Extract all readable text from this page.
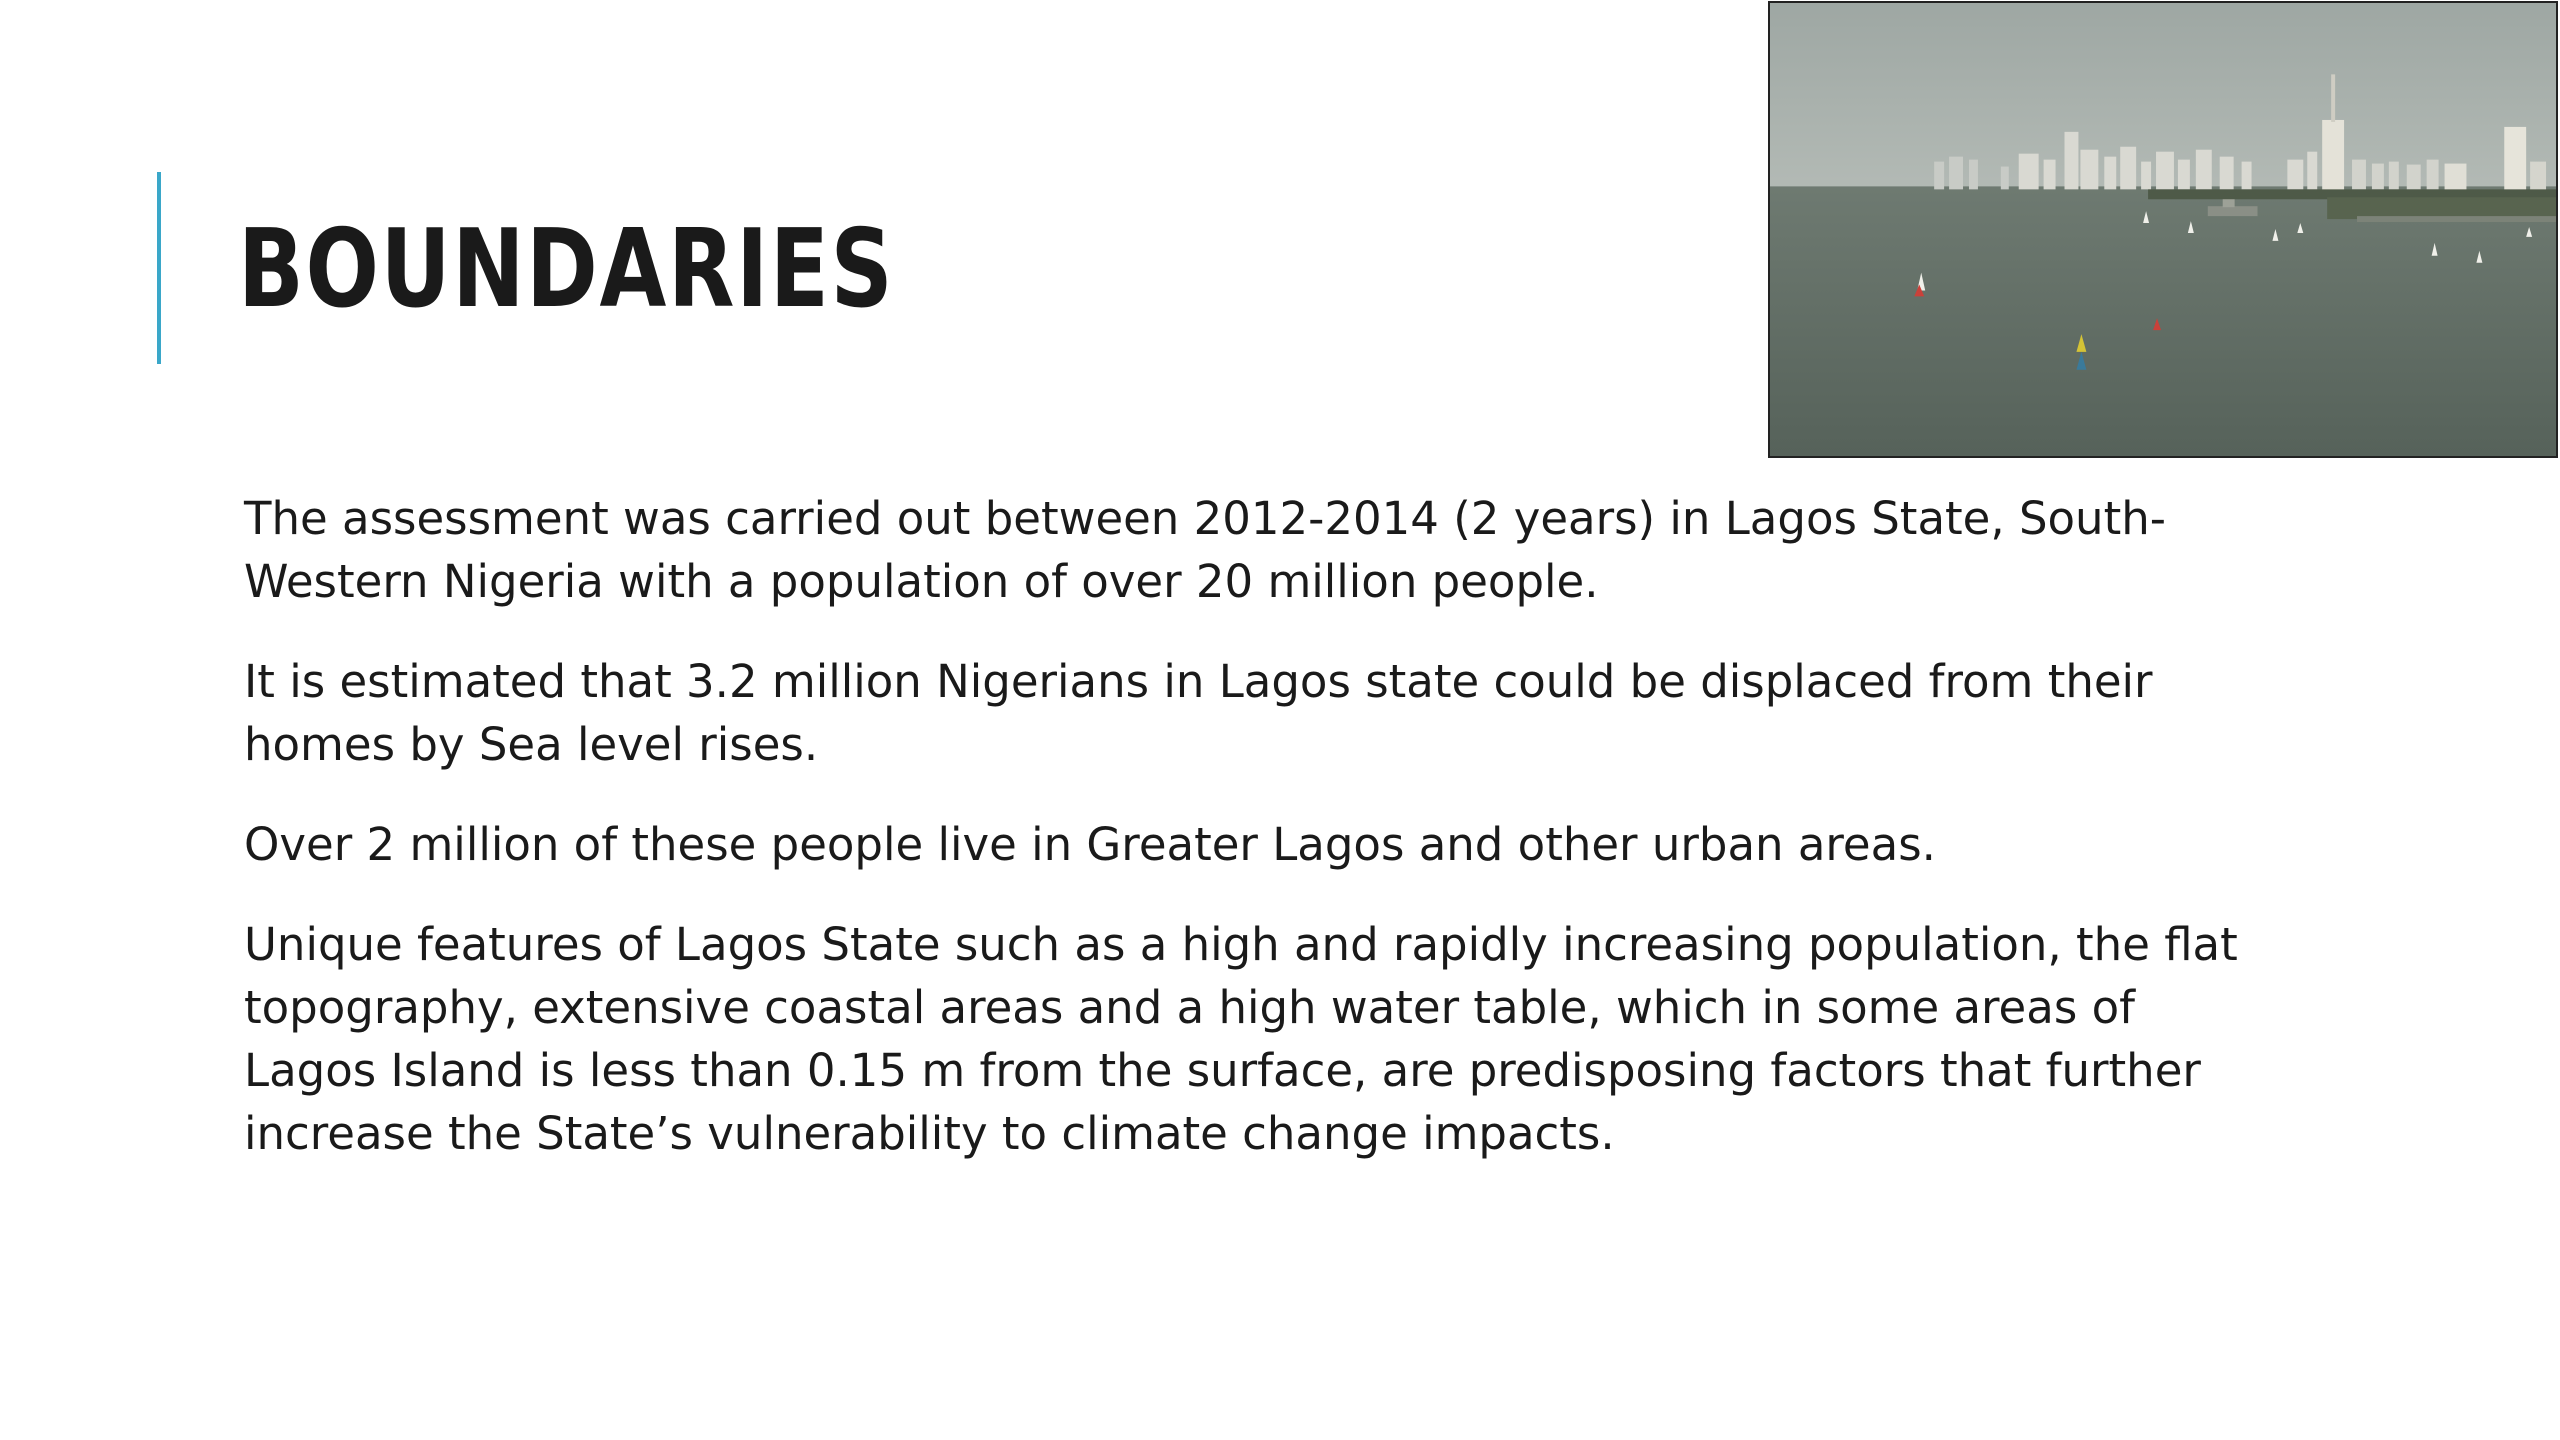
BOUNDARIES

The assessment was carried out between 2012-2014 (2 years) in Lagos State, South-Western Nigeria with a population of over 20 million people.

It is estimated that 3.2 million Nigerians in Lagos state could be displaced from their homes by Sea level rises.

Over 2 million of these people live in Greater Lagos and other urban areas.

Unique features of Lagos State such as a high and rapidly increasing population, the flat topography, extensive coastal areas and a high water table, which in some areas of Lagos Island is less than 0.15 m from the surface, are predisposing factors that further increase the State’s vulnerability to climate change impacts.
